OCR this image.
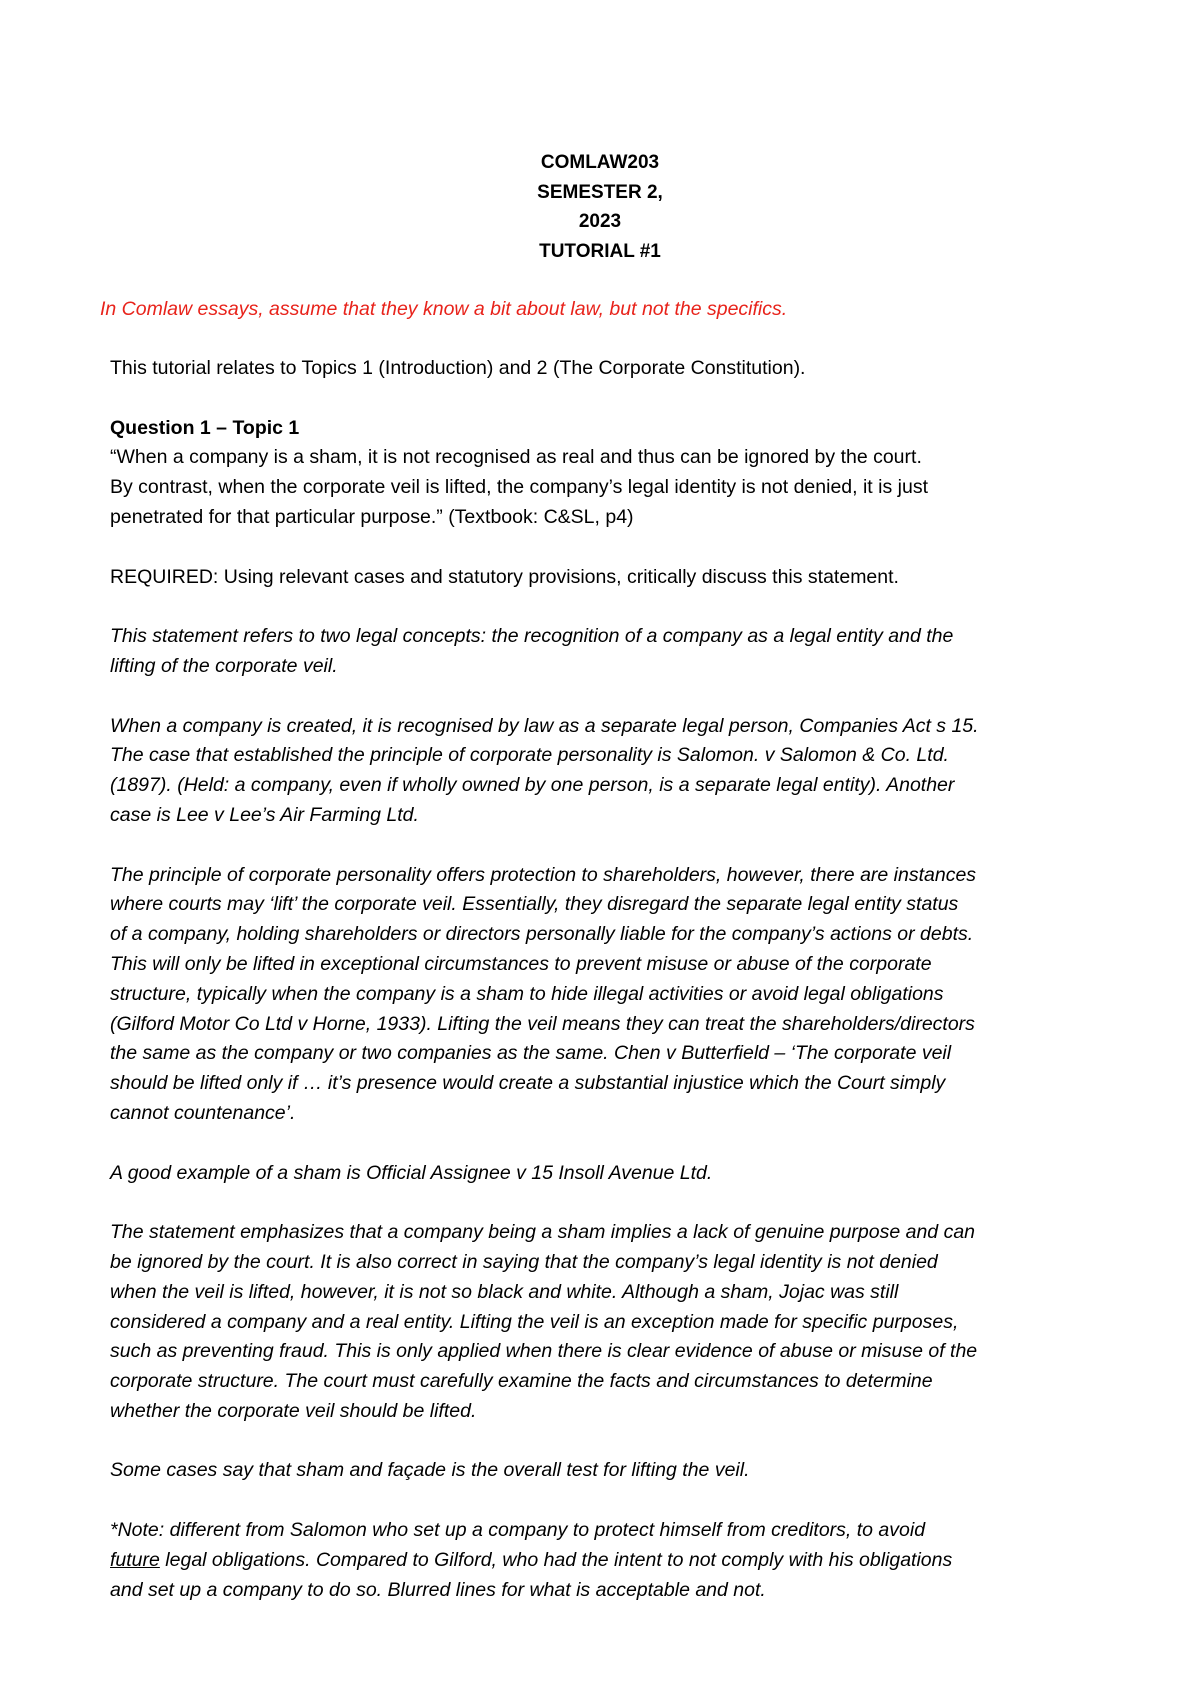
COMLAW203
SEMESTER 2,
2023
TUTORIAL #1
In Comlaw essays, assume that they know a bit about law, but not the specifics.

This tutorial relates to Topics 1 (Introduction) and 2 (The Corporate Constitution).

Question 1 – Topic 1
“When a company is a sham, it is not recognised as real and thus can be ignored by the court.
By contrast, when the corporate veil is lifted, the company’s legal identity is not denied, it is just
penetrated for that particular purpose.” (Textbook: C&SL, p4)

REQUIRED: Using relevant cases and statutory provisions, critically discuss this statement.

This statement refers to two legal concepts: the recognition of a company as a legal entity and the
lifting of the corporate veil.

When a company is created, it is recognised by law as a separate legal person, Companies Act s 15.
The case that established the principle of corporate personality is Salomon. v Salomon & Co. Ltd.
(1897). (Held: a company, even if wholly owned by one person, is a separate legal entity). Another
case is Lee v Lee’s Air Farming Ltd.

The principle of corporate personality offers protection to shareholders, however, there are instances
where courts may ‘lift’ the corporate veil. Essentially, they disregard the separate legal entity status
of a company, holding shareholders or directors personally liable for the company’s actions or debts.
This will only be lifted in exceptional circumstances to prevent misuse or abuse of the corporate
structure, typically when the company is a sham to hide illegal activities or avoid legal obligations
(Gilford Motor Co Ltd v Horne, 1933). Lifting the veil means they can treat the shareholders/directors
the same as the company or two companies as the same. Chen v Butterfield – ‘The corporate veil
should be lifted only if … it’s presence would create a substantial injustice which the Court simply
cannot countenance’.

A good example of a sham is Official Assignee v 15 Insoll Avenue Ltd.

The statement emphasizes that a company being a sham implies a lack of genuine purpose and can
be ignored by the court. It is also correct in saying that the company’s legal identity is not denied
when the veil is lifted, however, it is not so black and white. Although a sham, Jojac was still
considered a company and a real entity. Lifting the veil is an exception made for specific purposes,
such as preventing fraud. This is only applied when there is clear evidence of abuse or misuse of the
corporate structure. The court must carefully examine the facts and circumstances to determine
whether the corporate veil should be lifted.

Some cases say that sham and façade is the overall test for lifting the veil.

*Note: different from Salomon who set up a company to protect himself from creditors, to avoid
future legal obligations. Compared to Gilford, who had the intent to not comply with his obligations
and set up a company to do so. Blurred lines for what is acceptable and not.
